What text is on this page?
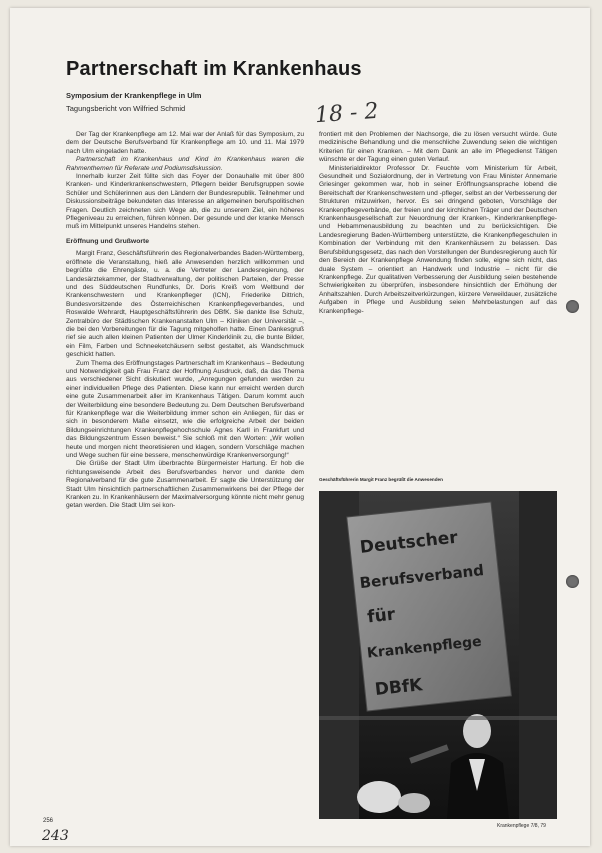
Partnerschaft im Krankenhaus
Symposium der Krankenpflege in Ulm
Tagungsbericht von Wilfried Schmid	18 - 2

Der Tag der Krankenpflege am 12. Mai war der Anlaß für das Symposium, zu dem der Deutsche Berufsverband für Krankenpflege am 10. und 11. Mai 1979 nach Ulm eingeladen hatte.

Partnerschaft im Krankenhaus und Kind im Krankenhaus waren die Rahmenthemen für Referate und Podiumsdiskussion.

Innerhalb kurzer Zeit füllte sich das Foyer der Donauhalle mit über 800 Kranken- und Kinderkrankenschwestern, Pflegern beider Berufsgruppen sowie Schüler und Schülerinnen aus den Ländern der Bundesrepublik. Teilnehmer und Diskussionsbeiträge bekundeten das Interesse an allgemeinen berufspolitischen Fragen. Deutlich zeichneten sich Wege ab, die zu unserem Ziel, ein höheres Pflegeniveau zu erreichen, führen können. Der gesunde und der kranke Mensch muß im Mittelpunkt unseres Handelns stehen.

Eröffnung und Grußworte

Margit Franz, Geschäftsführerin des Regionalverbandes Baden-Württemberg, eröffnete die Veranstaltung, hieß alle Anwesenden herzlich willkommen und begrüßte die Ehrengäste, u. a. die Vertreter der Landesregierung, der Landesärztekammer, der Stadtverwaltung, der politischen Parteien, der Presse und des Süddeutschen Rundfunks, Dr. Doris Kreiß vom Weltbund der Krankenschwestern und Krankenpfleger (ICN), Friederike Dittrich, Bundesvorsitzende des Österreichischen Krankenpflegeverbandes, und Roswalde Wehrardt, Hauptgeschäftsführerin des DBfK. Sie dankte Ilse Schulz, Zentralbüro der Städtischen Krankenanstalten Ulm – Kliniken der Universität –, die bei den Vorbereitungen für die Tagung mitgeholfen hatte. Einen Dankesgruß rief sie auch allen kleinen Patienten der Ulmer Kinderklinik zu, die bunte Bilder, ein Film, Farben und Schneeketchäusern selbst gestaltet, als Wandschmuck geschickt hatten.

Zum Thema des Eröffnungstages Partnerschaft im Krankenhaus – Bedeutung und Notwendigkeit gab Frau Franz der Hoffnung Ausdruck, daß, da das Thema aus verschiedener Sicht diskutiert wurde, „Anregungen gefunden werden zu einer individuellen Pflege des Patienten. Diese kann nur erreicht werden durch eine gute Zusammenarbeit aller im Krankenhaus Tätigen. Darum kommt auch der Weiterbildung eine besondere Bedeutung zu. Dem Deutschen Berufsverband für Krankenpflege war die Weiterbildung immer schon ein Anliegen, für das er sich in besonderem Maße einsetzt, wie die erfolgreiche Arbeit der beiden Bildungseinrichtungen Krankenpflegehochschule Agnes Karll in Frankfurt und das Bildungszentrum Essen beweist.“ Sie schloß mit den Worten: „Wir wollen heute und morgen nicht theoretisieren und klagen, sondern Vorschläge machen und Wege suchen für eine bessere, menschenwürdige Krankenversorgung!“

Die Grüße der Stadt Ulm überbrachte Bürgermeister Hartung. Er hob die richtungsweisende Arbeit des Berufsverbandes hervor und dankte dem Regionalverband für die gute Zusammenarbeit. Er sagte die Unterstützung der Stadt Ulm hinsichtlich partnerschaftlichen Zusammenwirkens bei der Pflege der Kranken zu. In Krankenhäusern der Maximalversorgung könnte nicht mehr genug getan werden. Die Stadt Ulm sei kon-

frontiert mit den Problemen der Nachsorge, die zu lösen versucht würde. Gute medizinische Behandlung und die menschliche Zuwendung seien die wichtigen Kriterien für einen Kranken. – Mit dem Dank an alle im Pflegedienst Tätigen wünschte er der Tagung einen guten Verlauf.

Ministerialdirektor Professor Dr. Feuchte vom Ministerium für Arbeit, Gesundheit und Sozialordnung, der in Vertretung von Frau Minister Annemarie Griesinger gekommen war, hob in seiner Eröffnungsansprache lobend die Bereitschaft der Krankenschwestern und -pfleger, selbst an der Verbesserung der Strukturen mitzuwirken, hervor. Es sei dringend geboten, Vorschläge der Krankenpflegeverbände, der freien und der kirchlichen Träger und der Deutschen Krankenhausgesellschaft zur Neuordnung der Kranken-, Kinderkrankenpflege- und Hebammenausbildung zu beachten und zu berücksichtigen. Die Landesregierung Baden-Württemberg unterstützte, die Krankenpflegeschulen in Kombination der Verbindung mit den Krankenhäusern zu belassen. Das Berufsbildungsgesetz, das nach den Vorstellungen der Bundesregierung auch für den Bereich der Krankenpflege Anwendung finden solle, eigne sich nicht, das duale System – orientiert an Handwerk und Industrie – nicht für die Krankenpflege. Zur qualitativen Verbesserung der Ausbildung seien bestehende Schwierigkeiten zu überprüfen, insbesondere hinsichtlich der Erhöhung der Anhaltszahlen. Durch Arbeitszeitverkürzungen, kürzere Verweildauer, zusätzliche Aufgaben in Pflege und Ausbildung seien Mehrbelastungen auf das Krankenpflege-

Geschäftsführerin Margit Franz begrüßt die Anwesenden
Deutscher
Berufsverband
für
Krankenpflege
DBfK
Krankenpflege 7/8, 79
256
243
